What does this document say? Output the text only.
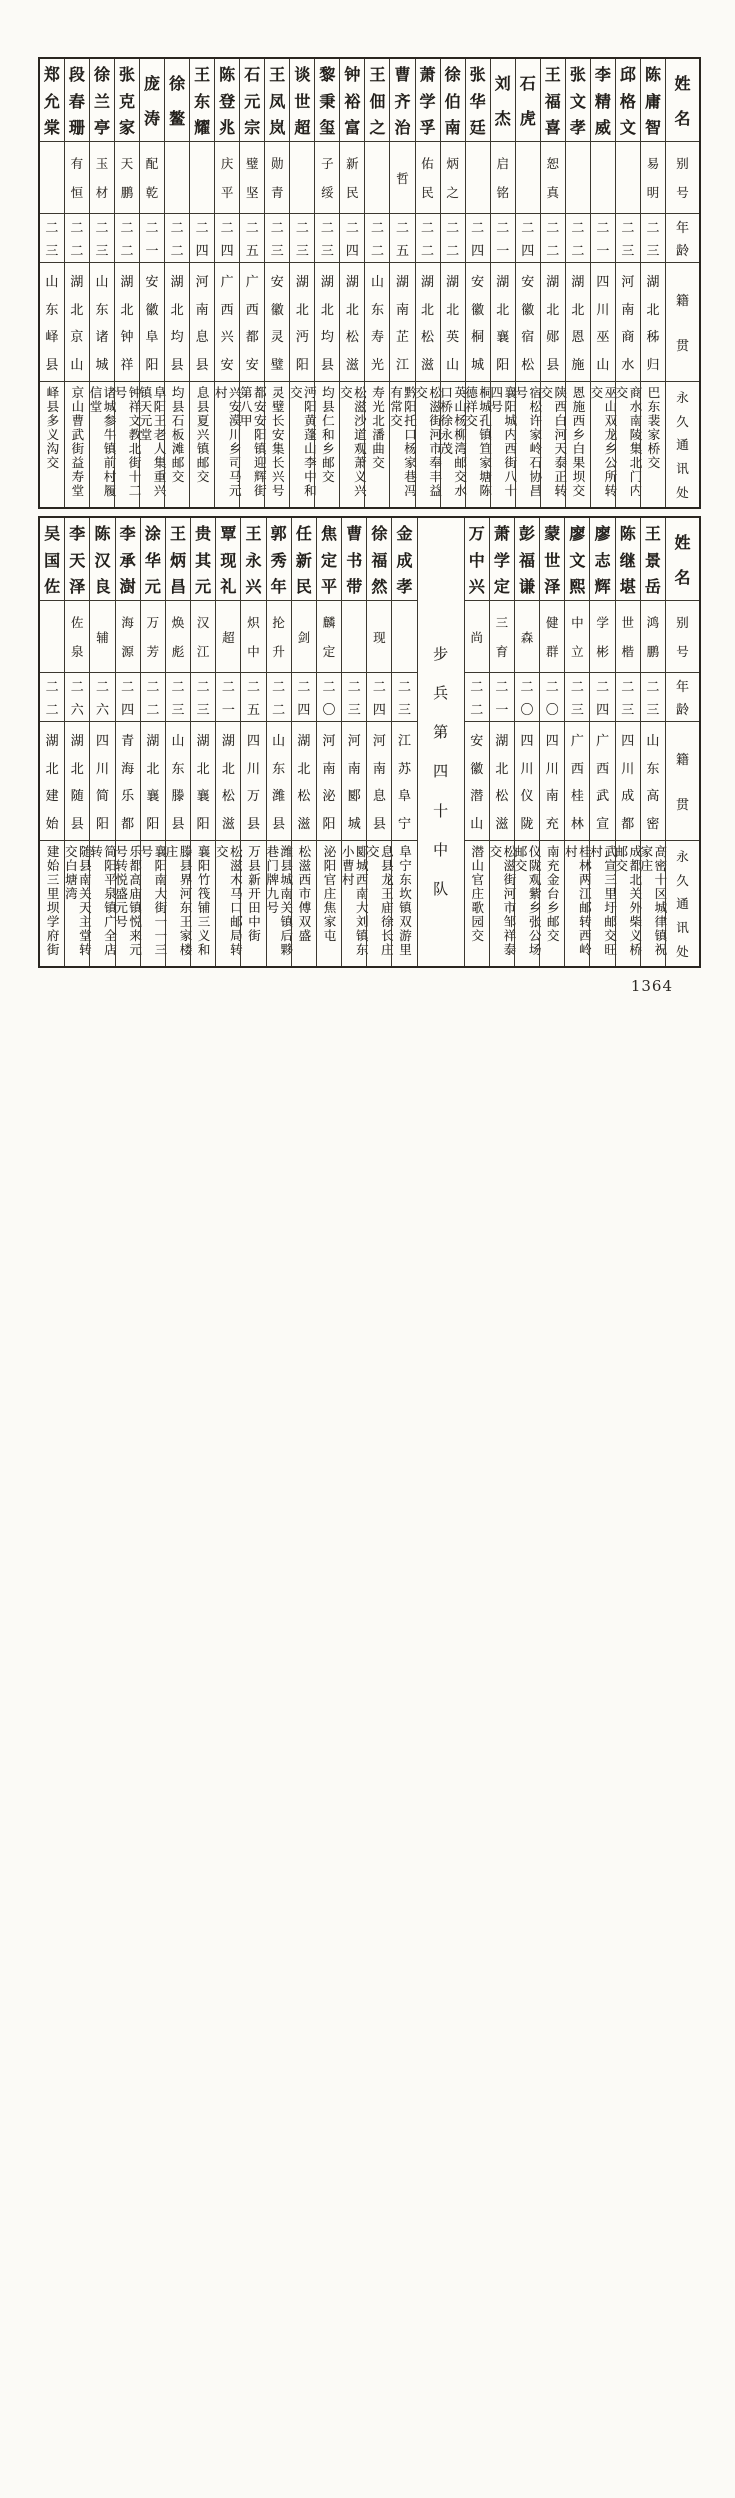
姓
名
别
号
年
龄
籍
贯
永
久
通
讯
处
陈
庸
智
易
明
二
三
湖
北
秭
归
巴东裴家桥交
邱
格
文
二
三
河
南
商
水
商水南陵集北门内交
李
精
威
二
一
四
川
巫
山
巫山双龙乡公所转交
张
文
孝
二
二
湖
北
恩
施
恩施西乡白果坝交
王
福
喜
恕
真
二
二
湖
北
郧
县
陕西白河天泰正转交
石
虎
二
四
安
徽
宿
松
宿松许家岭石协昌号
刘
杰
启
铭
二
一
湖
北
襄
阳
襄阳城内西街八十四号
张
华
廷
二
四
安
徽
桐
城
桐城孔镇笪家塘陈德祥交
徐
伯
南
炳
之
二
二
湖
北
英
山
英山杨柳湾邮交水口桥徐永茂
萧
学
孚
佑
民
二
二
湖
北
松
滋
松滋街河市奉丰益交
曹
齐
治
哲
二
五
湖
南
芷
江
黔阳托口杨家巷冯有常交
王
佃
之
二
二
山
东
寿
光
寿光北潘曲交
钟
裕
富
新
民
二
四
湖
北
松
滋
松滋沙道观萧义兴交
黎
秉
玺
子
绥
二
三
湖
北
均
县
均县仁和乡邮交
谈
世
超
二
三
湖
北
沔
阳
沔阳黄蓬山李中和交
王
凤
岚
勋
青
二
三
安
徽
灵
璧
灵璧长安集长兴号
石
元
宗
璧
坚
二
五
广
西
都
安
都安安阳镇迎辉街第八甲
陈
登
兆
庆
平
二
四
广
西
兴
安
兴安漠川乡司马元村
王
东
耀
二
四
河
南
息
县
息县夏兴镇邮交
徐
鳌
二
二
湖
北
均
县
均县石板滩邮交
庞
涛
配
乾
二
一
安
徽
阜
阳
阜阳王老人集重兴镇天元堂
张
克
家
天
鹏
二
二
湖
北
钟
祥
钟祥文教北街十二号
徐
兰
亭
玉
材
二
三
山
东
诸
城
诸城参牛镇前村履信堂
段
春
珊
有
恒
二
二
湖
北
京
山
京山曹武街益寿堂
郑
允
棠
二
三
山
东
峄
县
峄县多义沟交
姓
名
别
号
年
龄
籍
贯
永
久
通
讯
处
王
景
岳
鸿
鹏
二
三
山
东
高
密
高密十区城律镇祝家庄
陈
继
堪
世
楷
二
三
四
川
成
都
成都北关外柴义桥邮交
廖
志
辉
学
彬
二
四
广
西
武
宣
武宣三里圩邮交旺村
廖
文
熙
中
立
二
三
广
西
桂
林
桂林两江邮转西岭村
蒙
世
泽
健
群
二
〇
四
川
南
充
南充金台乡邮交
彭
福
谦
森
二
〇
四
川
仪
陇
仪陇观紫乡张公场邮交
萧
学
定
三
育
二
一
湖
北
松
滋
松滋街河市邹祥泰交
万
中
兴
尚
二
二
安
徽
潜
山
潜山官庄歌园交
步
兵
第
四
十
中
队
金
成
孝
二
三
江
苏
阜
宁
阜宁东坎镇双游里
徐
福
然
现
二
四
河
南
息
县
息县龙王庙徐长庄交
曹
书
带
二
三
河
南
郾
城
郾城西南大刘镇东小曹村
焦
定
平
麟
定
二
〇
河
南
泌
阳
泌阳官庄焦家屯
任
新
民
剑
二
四
湖
北
松
滋
松滋西市傅双盛
郭
秀
年
抡
升
二
二
山
东
潍
县
潍县城南关镇后夥巷门牌九号
王
永
兴
炽
中
二
五
四
川
万
县
万县新开田中街
覃
现
礼
超
二
一
湖
北
松
滋
松滋木马口邮局转交
贵
其
元
汉
江
二
三
湖
北
襄
阳
襄阳竹筏铺三义和
王
炳
昌
焕
彪
二
三
山
东
滕
县
滕县界河东王家楼庄
涂
华
元
万
芳
二
二
湖
北
襄
阳
襄阳南大街一一三号
李
承
澍
海
源
二
四
青
海
乐
都
乐都高庙镇悦来元号转悦盛元号
陈
汉
良
辅
二
六
四
川
简
阳
简阳平泉镇广全店转
李
天
泽
佐
泉
二
六
湖
北
随
县
随县南关天主堂转交白塘湾
吴
国
佐
二
二
湖
北
建
始
建始三里坝学府街
1364
